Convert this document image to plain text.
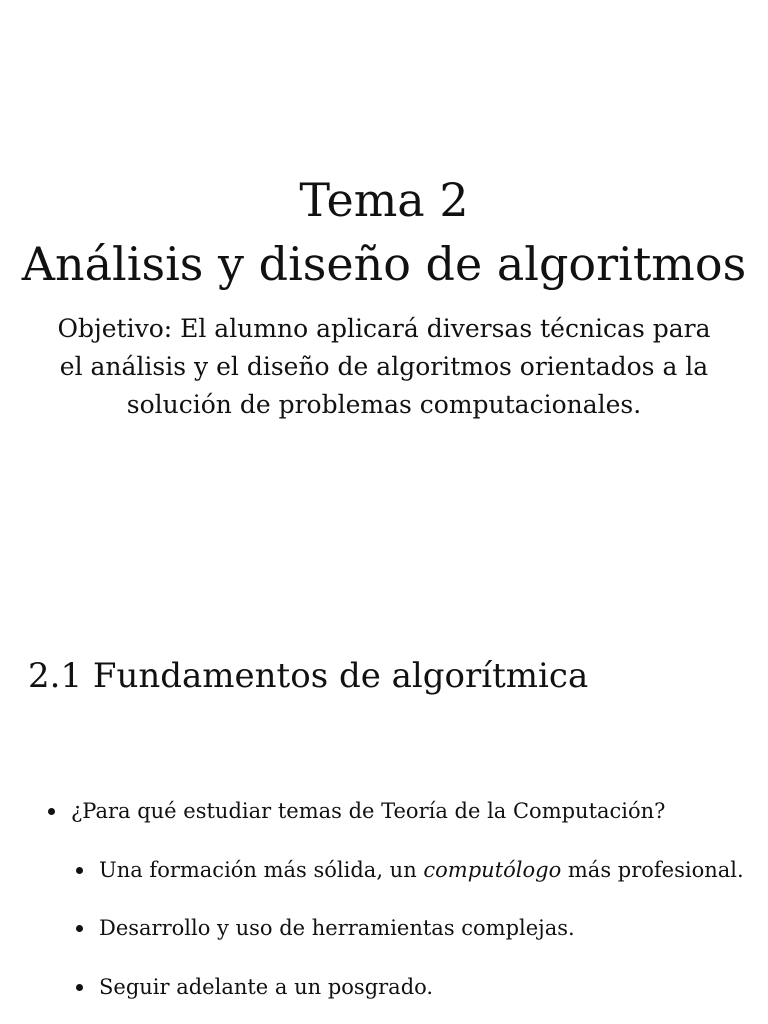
Tema 2
Análisis y diseño de algoritmos
Objetivo: El alumno aplicará diversas técnicas para
el análisis y el diseño de algoritmos orientados a la
solución de problemas computacionales.
2.1 Fundamentos de algorítmica
¿Para qué estudiar temas de Teoría de la Computación?
Una formación más sólida, un computólogo más profesional.
Desarrollo y uso de herramientas complejas.
Seguir adelante a un posgrado.
